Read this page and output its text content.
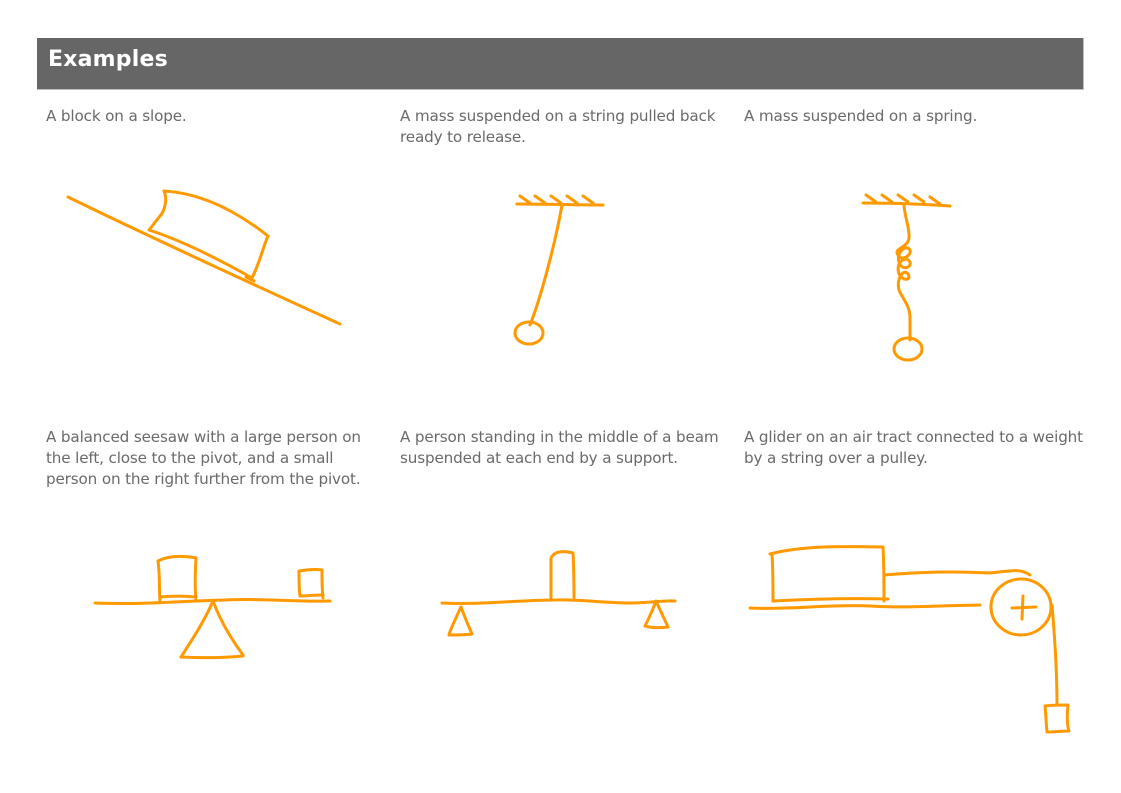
Examples
A block on a slope.	A mass suspended on a string pulled back ready to release.
A mass suspended on a spring.
A balanced seesaw with a large person on the left, close to the pivot, and a small person on the right further from the pivot.
A person standing in the middle of a beam suspended at each end by a support.
A glider on an air tract connected to a weight by a string over a pulley.
